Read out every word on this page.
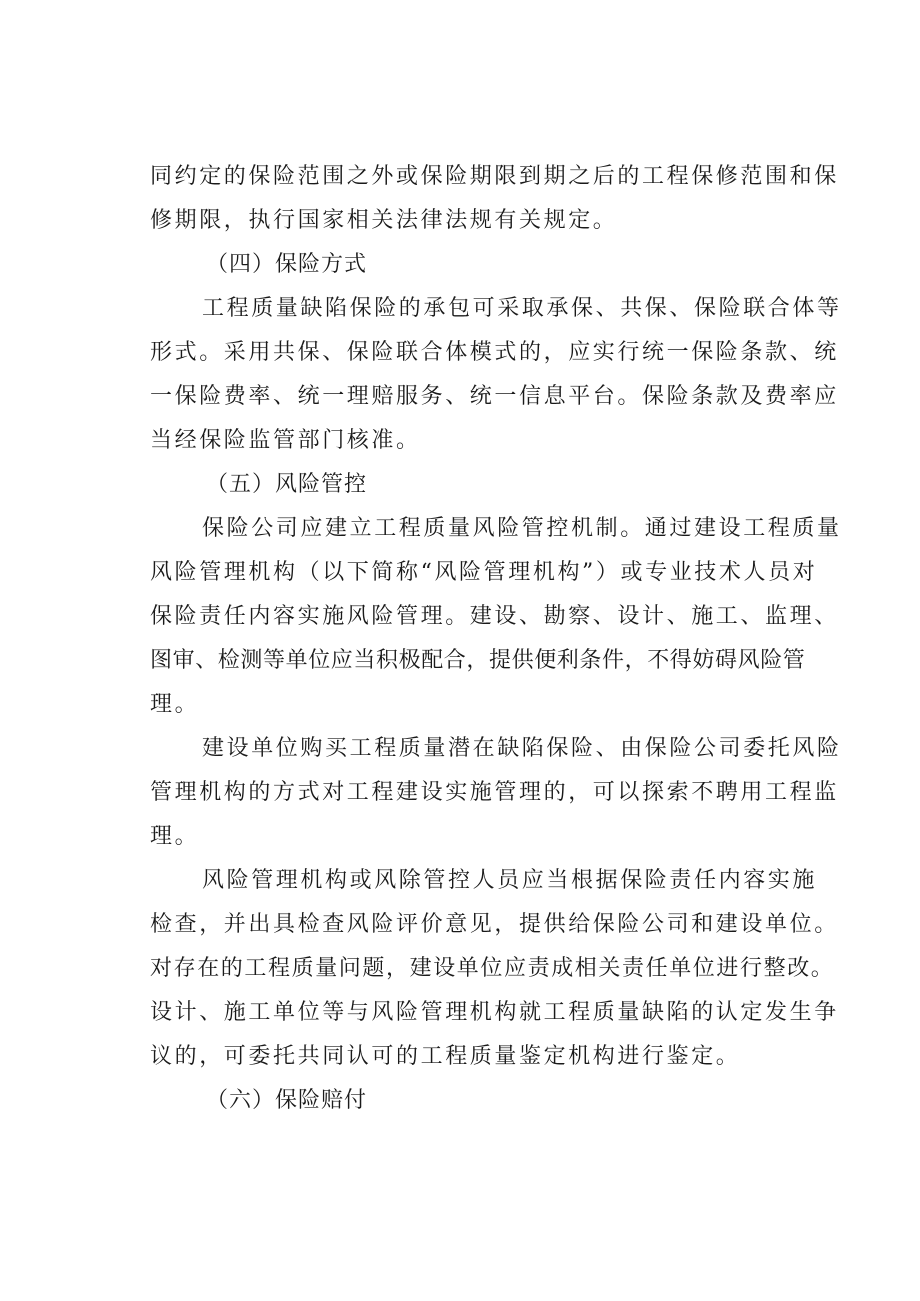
同约定的保险范围之外或保险期限到期之后的工程保修范围和保

修期限，执行国家相关法律法规有关规定。

（四）保险方式

工程质量缺陷保险的承包可采取承保、共保、保险联合体等

形式。采用共保、保险联合体模式的，应实行统一保险条款、统

一保险费率、统一理赔服务、统一信息平台。保险条款及费率应

当经保险监管部门核准。

（五）风险管控

保险公司应建立工程质量风险管控机制。通过建设工程质量

风险管理机构（以下简称“风险管理机构”）或专业技术人员对

保险责任内容实施风险管理。建设、勘察、设计、施工、监理、

图审、检测等单位应当积极配合，提供便利条件，不得妨碍风险管

理。

建设单位购买工程质量潜在缺陷保险、由保险公司委托风险

管理机构的方式对工程建设实施管理的，可以探索不聘用工程监

理。

风险管理机构或风除管控人员应当根据保险责任内容实施

检查，并出具检查风险评价意见，提供给保险公司和建设单位。

对存在的工程质量问题，建设单位应责成相关责任单位进行整改。

设计、施工单位等与风险管理机构就工程质量缺陷的认定发生争

议的，可委托共同认可的工程质量鉴定机构进行鉴定。

（六）保险赔付
